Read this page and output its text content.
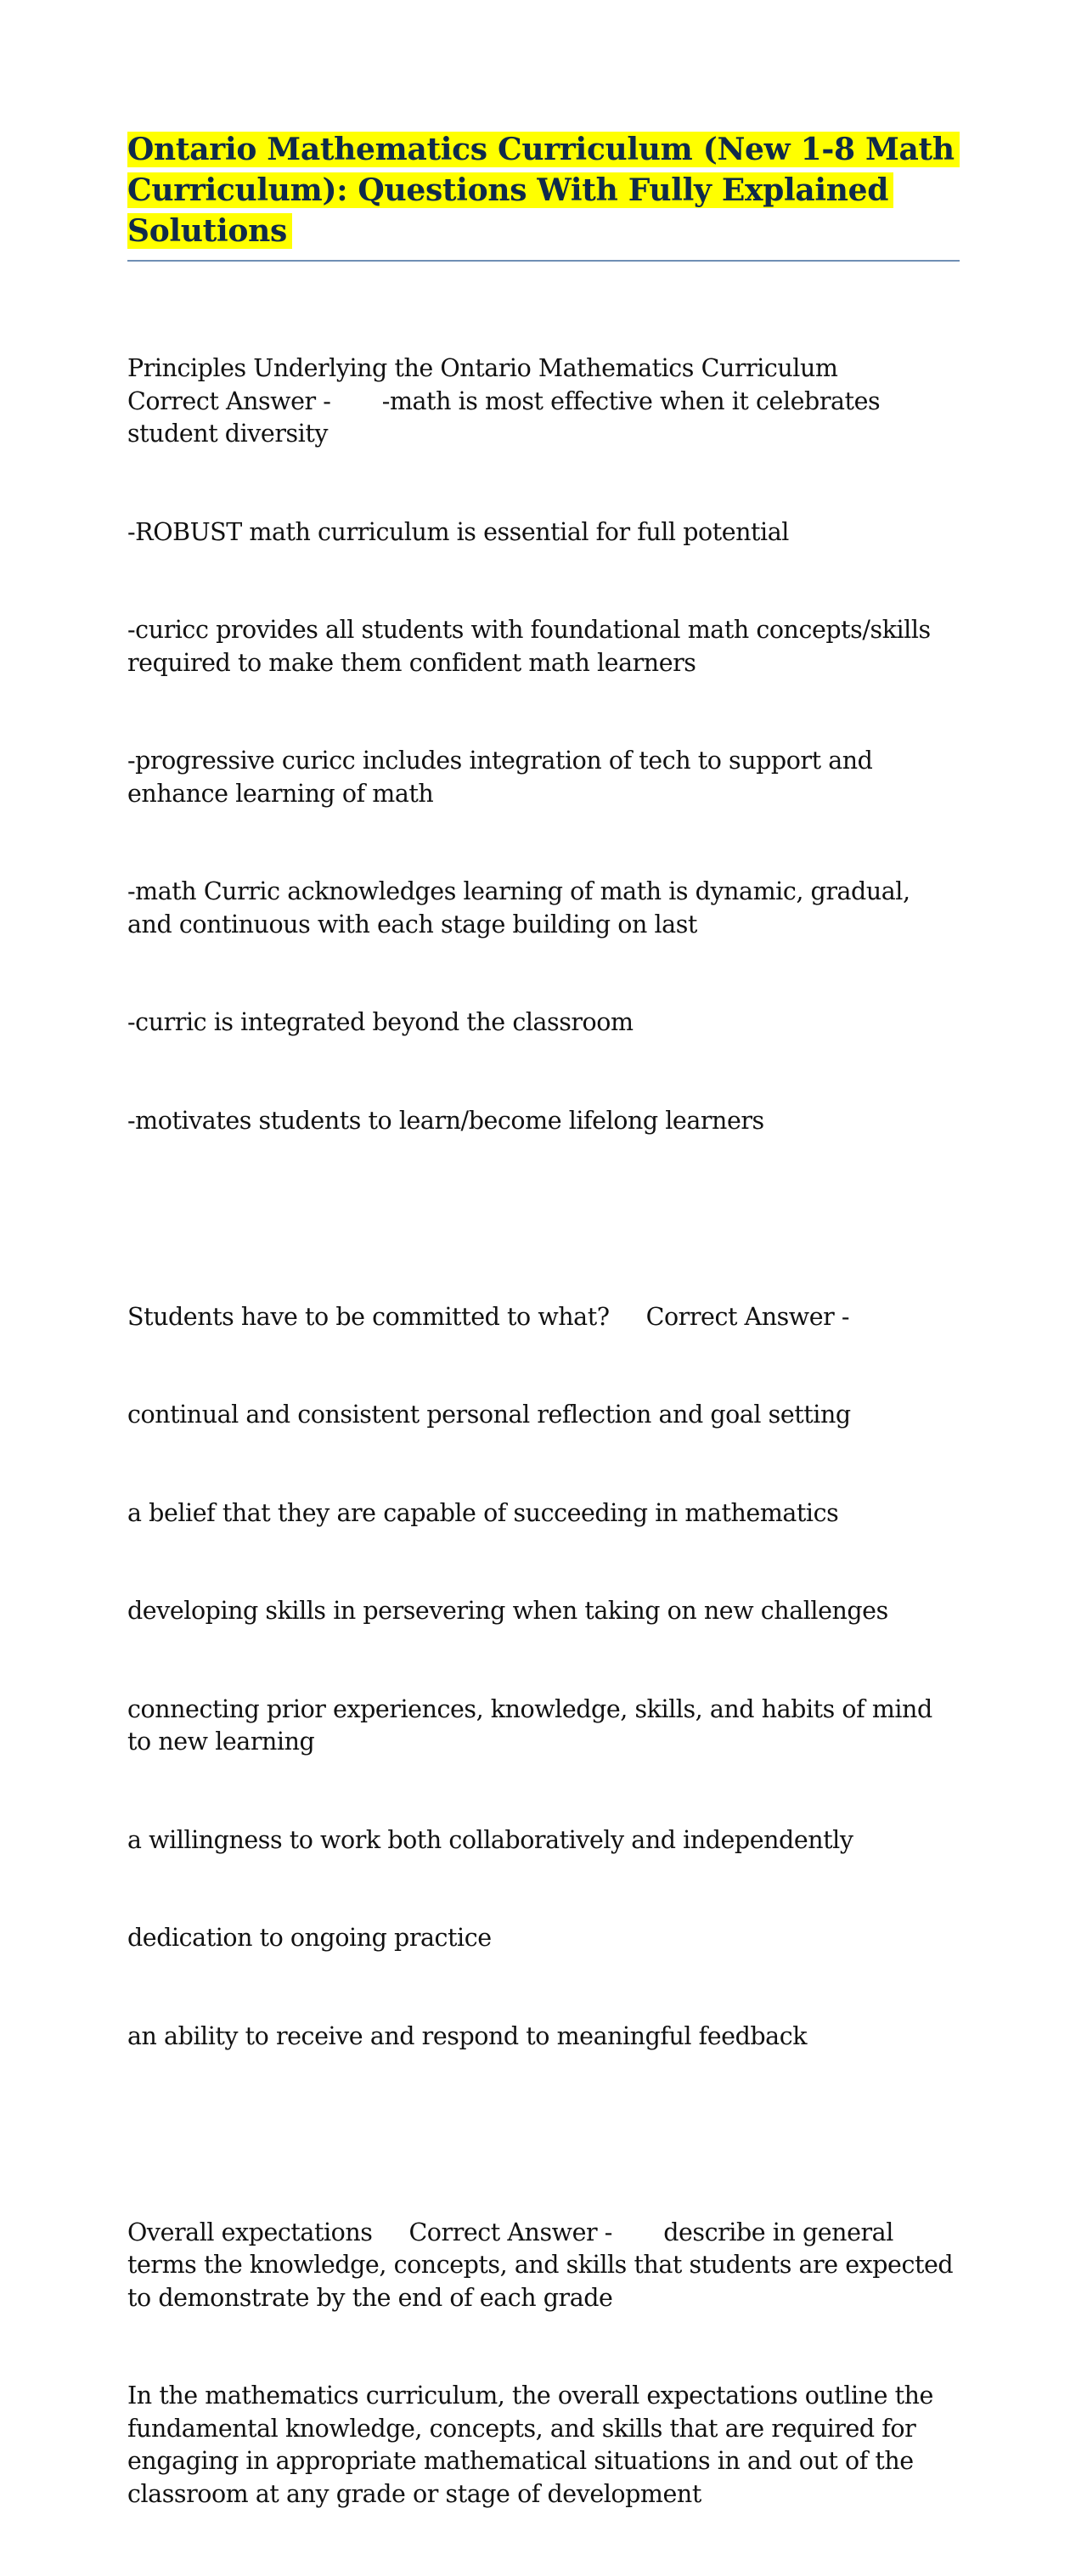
Ontario Mathematics Curriculum (New 1-8 Math Curriculum): Questions With Fully Explained Solutions

Principles Underlying the Ontario Mathematics Curriculum     Correct Answer - -math is most effective when it celebrates student diversity

-ROBUST math curriculum is essential for full potential

-curicc provides all students with foundational math concepts/skills required to make them confident math learners

-progressive curicc includes integration of tech to support and enhance learning of math

-math Curric acknowledges learning of math is dynamic, gradual, and continuous with each stage building on last

-curric is integrated beyond the classroom

-motivates students to learn/become lifelong learners

Students have to be committed to what? Correct Answer -

continual and consistent personal reflection and goal setting

a belief that they are capable of succeeding in mathematics

developing skills in persevering when taking on new challenges

connecting prior experiences, knowledge, skills, and habits of mind to new learning

a willingness to work both collaboratively and independently

dedication to ongoing practice

an ability to receive and respond to meaningful feedback

Overall expectations Correct Answer - describe in general terms the knowledge, concepts, and skills that students are expected to demonstrate by the end of each grade

In the mathematics curriculum, the overall expectations outline the fundamental knowledge, concepts, and skills that are required for engaging in appropriate mathematical situations in and out of the classroom at any grade or stage of development
